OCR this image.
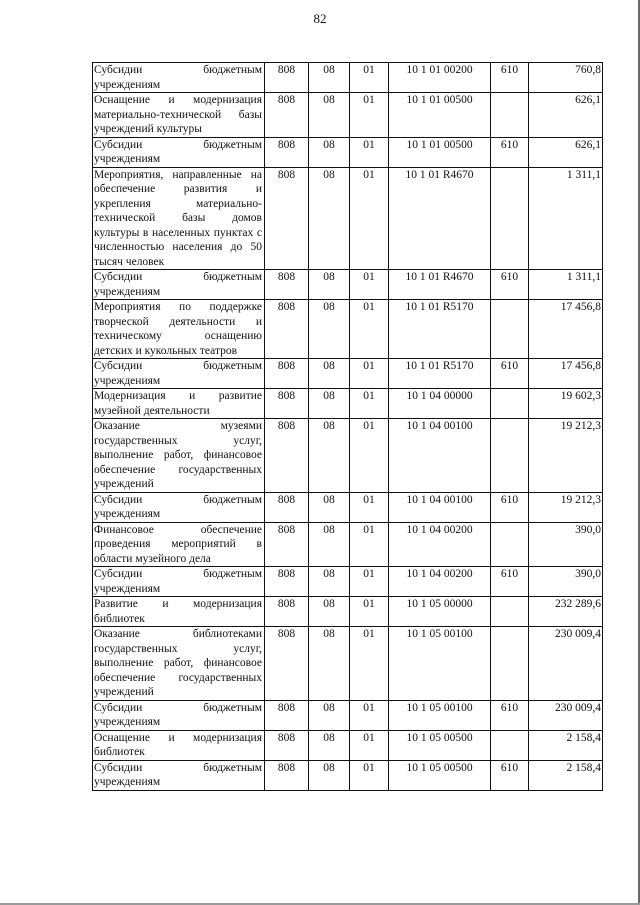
82
Субсидии бюджетным учреждениям	808	08	01	10 1 01 00200	610	760,8
Оснащение и модернизация материально-технической базы учреждений культуры	808	08	01	10 1 01 00500		626,1
Субсидии бюджетным учреждениям	808	08	01	10 1 01 00500	610	626,1
Мероприятия, направленные на обеспечение развития и укрепления материально-технической базы домов культуры в населенных пунктах с численностью населения до 50 тысяч человек	808	08	01	10 1 01 R4670		1 311,1
Субсидии бюджетным учреждениям	808	08	01	10 1 01 R4670	610	1 311,1
Мероприятия по поддержке творческой деятельности и техническому оснащению детских и кукольных театров	808	08	01	10 1 01 R5170		17 456,8
Субсидии бюджетным учреждениям	808	08	01	10 1 01 R5170	610	17 456,8
Модернизация и развитие музейной деятельности	808	08	01	10 1 04 00000		19 602,3
Оказание музеями государственных услуг, выполнение работ, финансовое обеспечение государственных учреждений	808	08	01	10 1 04 00100		19 212,3
Субсидии бюджетным учреждениям	808	08	01	10 1 04 00100	610	19 212,3
Финансовое обеспечение проведения мероприятий в области музейного дела	808	08	01	10 1 04 00200		390,0
Субсидии бюджетным учреждениям	808	08	01	10 1 04 00200	610	390,0
Развитие и модернизация библиотек	808	08	01	10 1 05 00000		232 289,6
Оказание библиотеками государственных услуг, выполнение работ, финансовое обеспечение государственных учреждений	808	08	01	10 1 05 00100		230 009,4
Субсидии бюджетным учреждениям	808	08	01	10 1 05 00100	610	230 009,4
Оснащение и модернизация библиотек	808	08	01	10 1 05 00500		2 158,4
Субсидии бюджетным учреждениям	808	08	01	10 1 05 00500	610	2 158,4
